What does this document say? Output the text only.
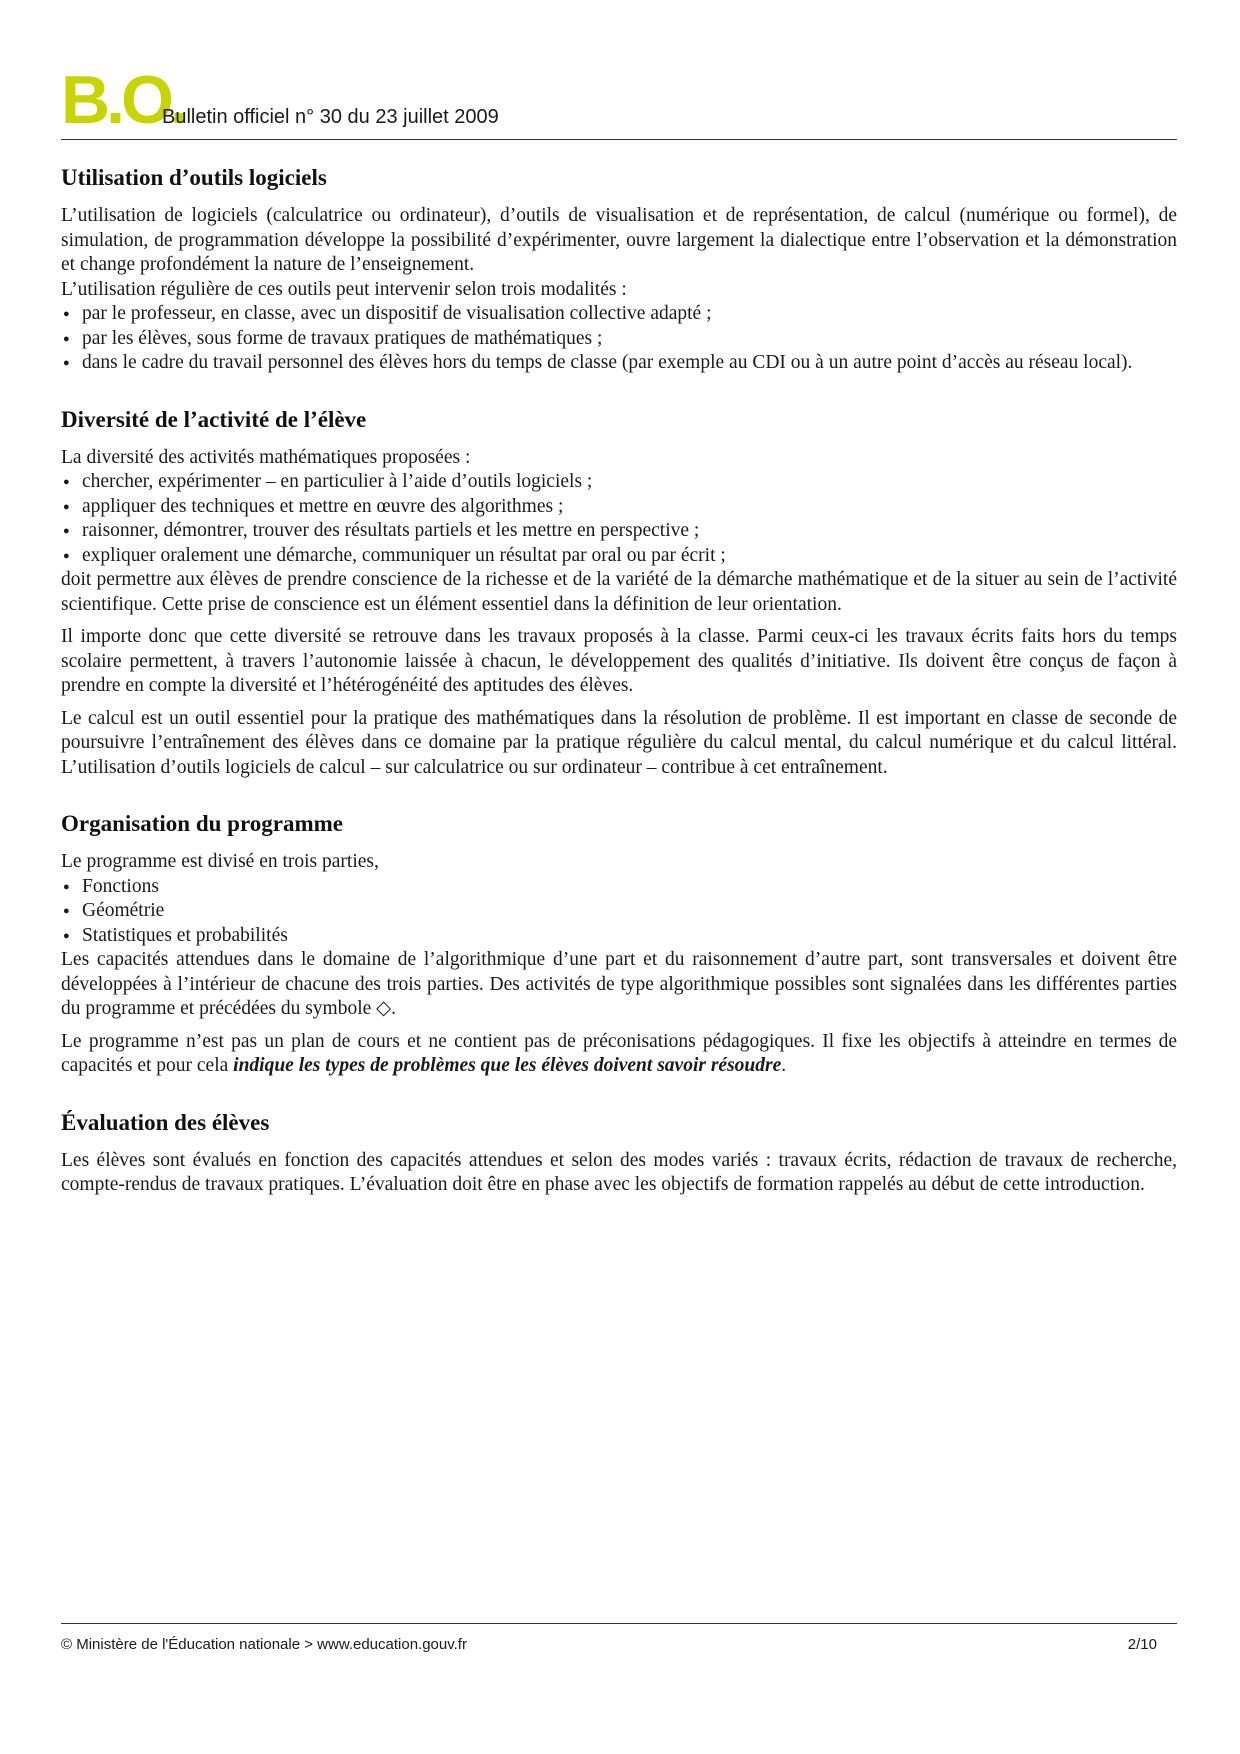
B.O.
Bulletin officiel n° 30 du 23 juillet 2009
Utilisation d’outils logiciels

L’utilisation de logiciels (calculatrice ou ordinateur), d’outils de visualisation et de représentation, de calcul (numérique ou formel), de simulation, de programmation développe la possibilité d’expérimenter, ouvre largement la dialectique entre l’observation et la démonstration et change profondément la nature de l’enseignement.

L’utilisation régulière de ces outils peut intervenir selon trois modalités :

● par le professeur, en classe, avec un dispositif de visualisation collective adapté ;
● par les élèves, sous forme de travaux pratiques de mathématiques ;
● dans le cadre du travail personnel des élèves hors du temps de classe (par exemple au CDI ou à un autre point d’accès au réseau local).
Diversité de l’activité de l’élève

La diversité des activités mathématiques proposées :

● chercher, expérimenter – en particulier à l’aide d’outils logiciels ;
● appliquer des techniques et mettre en œuvre des algorithmes ;
● raisonner, démontrer, trouver des résultats partiels et les mettre en perspective ;
● expliquer oralement une démarche, communiquer un résultat par oral ou par écrit ;

doit permettre aux élèves de prendre conscience de la richesse et de la variété de la démarche mathématique et de la situer au sein de l’activité scientifique. Cette prise de conscience est un élément essentiel dans la définition de leur orientation.

Il importe donc que cette diversité se retrouve dans les travaux proposés à la classe. Parmi ceux-ci les travaux écrits faits hors du temps scolaire permettent, à travers l’autonomie laissée à chacun, le développement des qualités d’initiative. Ils doivent être conçus de façon à prendre en compte la diversité et l’hétérogénéité des aptitudes des élèves.

Le calcul est un outil essentiel pour la pratique des mathématiques dans la résolution de problème. Il est important en classe de seconde de poursuivre l’entraînement des élèves dans ce domaine par la pratique régulière du calcul mental, du calcul numérique et du calcul littéral. L’utilisation d’outils logiciels de calcul – sur calculatrice ou sur ordinateur – contribue à cet entraînement.

Organisation du programme

Le programme est divisé en trois parties,

● Fonctions
● Géométrie
● Statistiques et probabilités

Les capacités attendues dans le domaine de l’algorithmique d’une part et du raisonnement d’autre part, sont transversales et doivent être développées à l’intérieur de chacune des trois parties. Des activités de type algorithmique possibles sont signalées dans les différentes parties du programme et précédées du symbole ◇.

Le programme n’est pas un plan de cours et ne contient pas de préconisations pédagogiques. Il fixe les objectifs à atteindre en termes de capacités et pour cela indique les types de problèmes que les élèves doivent savoir résoudre.

Évaluation des élèves

Les élèves sont évalués en fonction des capacités attendues et selon des modes variés : travaux écrits, rédaction de travaux de recherche, compte-rendus de travaux pratiques. L’évaluation doit être en phase avec les objectifs de formation rappelés au début de cette introduction.

© Ministère de l'Éducation nationale > www.education.gouv.fr	2/10
